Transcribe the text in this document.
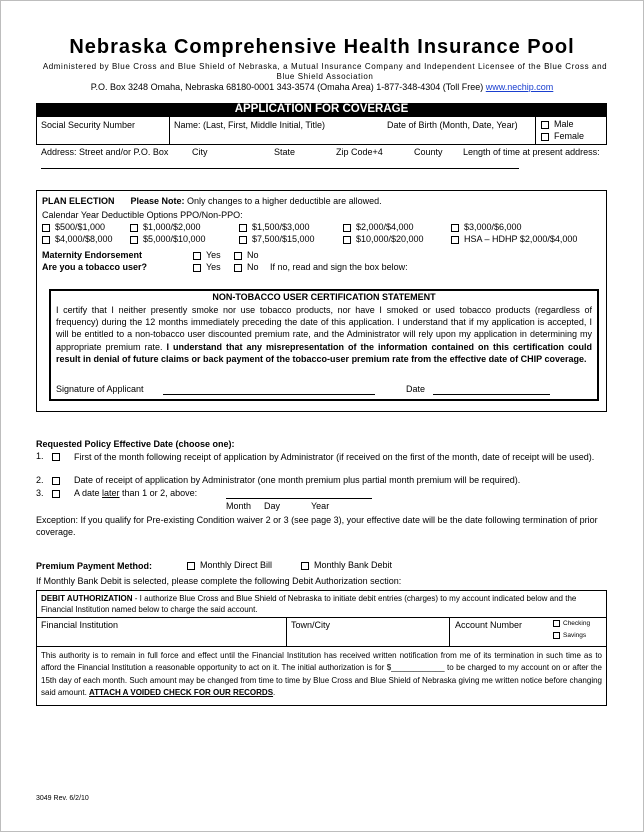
Nebraska Comprehensive Health Insurance Pool
Administered by Blue Cross and Blue Shield of Nebraska, a Mutual Insurance Company and Independent Licensee of the Blue Cross and Blue Shield Association
P.O. Box 3248 Omaha, Nebraska 68180-0001 343-3574 (Omaha Area) 1-877-348-4304 (Toll Free) www.nechip.com
APPLICATION FOR COVERAGE
Social Security Number	Name: (Last, First, Middle Initial, Title)	Date of Birth (Month, Date, Year)	Male
Female
Address: Street and/or P.O. Box	City	State	Zip Code+4	County Length of time at present address:
PLAN ELECTION Please Note: Only changes to a higher deductible are allowed.
Calendar Year Deductible Options PPO/Non-PPO:
$500/$1,000	$1,000/$2,000	$1,500/$3,000	$2,000/$4,000	$3,000/$6,000
$4,000/$8,000	$5,000/$10,000	$7,500/$15,000	$10,000/$20,000	HSA – HDHP $2,000/$4,000
Maternity Endorsement	Yes	No
Are you a tobacco user?	Yes	No If no, read and sign the box below:
NON-TOBACCO USER CERTIFICATION STATEMENT
I certify that I neither presently smoke nor use tobacco products, nor have I smoked or used tobacco products (regardless of frequency) during the 12 months immediately preceding the date of this application. I understand that if my application is accepted, I will be entitled to a non-tobacco user discounted premium rate, and the Administrator will rely upon my application in determining my appropriate premium rate. I understand that any misrepresentation of the information contained on this certification could result in denial of future claims or back payment of the tobacco-user premium rate from the effective date of CHIP coverage.
Signature of Applicant	Date
Requested Policy Effective Date (choose one):
1.	First of the month following receipt of application by Administrator (if received on the first of the month, date of receipt will be used).
2.	Date of receipt of application by Administrator (one month premium plus partial month premium will be required).
3.	A date later than 1 or 2, above:
Month Day	Year
Exception: If you qualify for Pre-existing Condition waiver 2 or 3 (see page 3), your effective date will be the date following termination of prior coverage.
Premium Payment Method:	Monthly Direct Bill	Monthly Bank Debit
If Monthly Bank Debit is selected, please complete the following Debit Authorization section:
DEBIT AUTHORIZATION - I authorize Blue Cross and Blue Shield of Nebraska to initiate debit entries (charges) to my account indicated below and the Financial Institution named below to charge the said account.
Financial Institution	Town/City	Account Number	Checking
Savings
This authority is to remain in full force and effect until the Financial Institution has received written notification from me of its termination in such time as to afford the Financial Institution a reasonable opportunity to act on it. The initial authorization is for $____________ to be charged to my account on or after the 15th day of each month. Such amount may be changed from time to time by Blue Cross and Blue Shield of Nebraska giving me written notice before changing said amount. ATTACH A VOIDED CHECK FOR OUR RECORDS.
3049 Rev. 6/2/10
